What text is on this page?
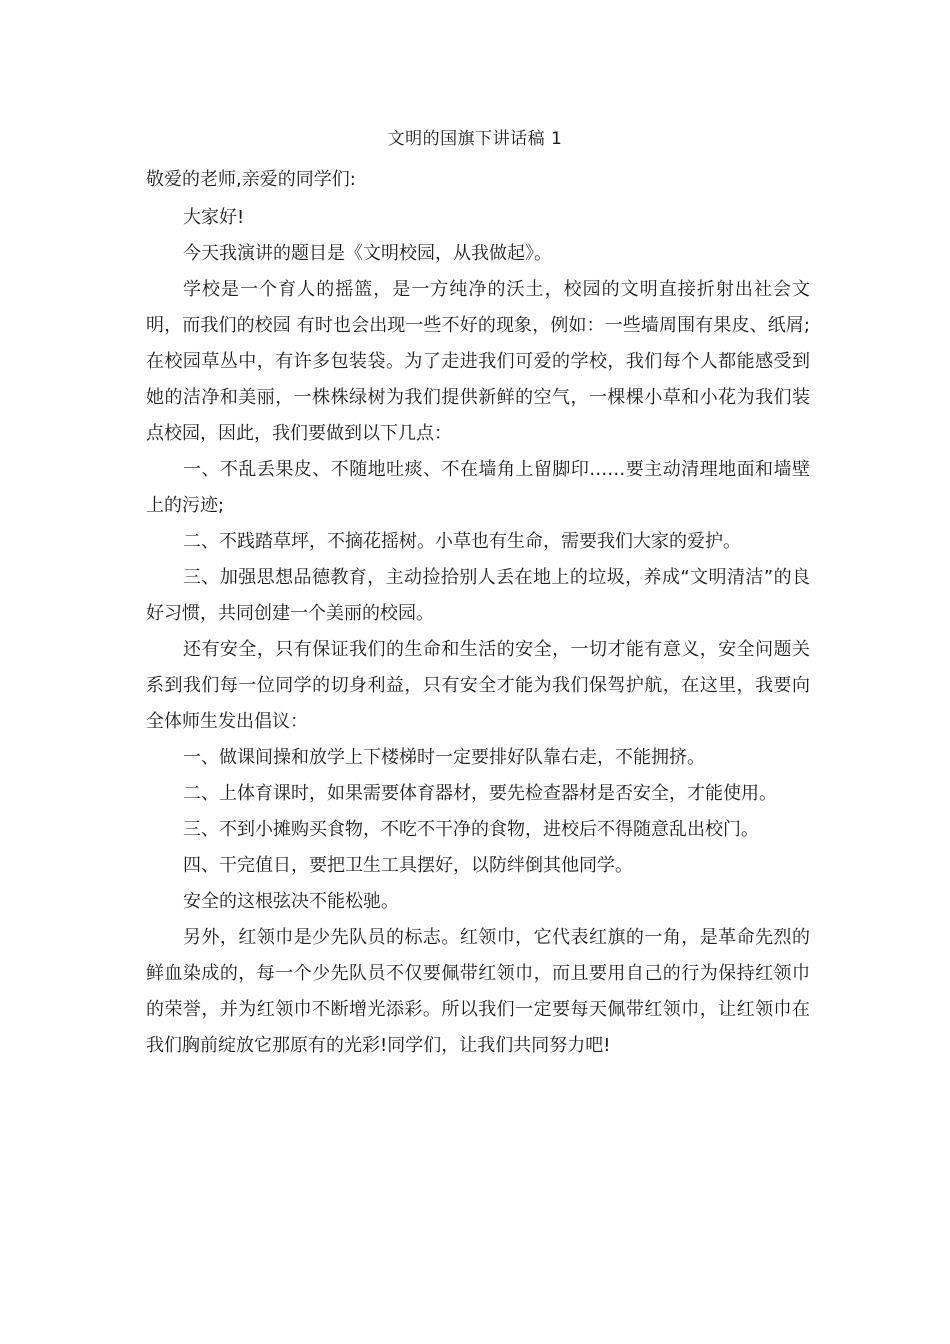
文明的国旗下讲话稿 1

敬爱的老师,亲爱的同学们:

大家好!

今天我演讲的题目是《文明校园，从我做起》。

学校是一个育人的摇篮，是一方纯净的沃土，校园的文明直接折射出社会文明，而我们的校园 有时也会出现一些不好的现象，例如：一些墙周围有果皮、纸屑;在校园草丛中，有许多包装袋。为了走进我们可爱的学校，我们每个人都能感受到她的洁净和美丽，一株株绿树为我们提供新鲜的空气，一棵棵小草和小花为我们装点校园，因此，我们要做到以下几点：

一、不乱丢果皮、不随地吐痰、不在墙角上留脚印……要主动清理地面和墙壁上的污迹;

二、不践踏草坪，不摘花摇树。小草也有生命，需要我们大家的爱护。

三、加强思想品德教育，主动捡拾别人丢在地上的垃圾，养成“文明清洁”的良好习惯，共同创建一个美丽的校园。

还有安全，只有保证我们的生命和生活的安全，一切才能有意义，安全问题关系到我们每一位同学的切身利益，只有安全才能为我们保驾护航，在这里，我要向全体师生发出倡议：

一、做课间操和放学上下楼梯时一定要排好队靠右走，不能拥挤。

二、上体育课时，如果需要体育器材，要先检查器材是否安全，才能使用。

三、不到小摊购买食物，不吃不干净的食物，进校后不得随意乱出校门。

四、干完值日，要把卫生工具摆好，以防绊倒其他同学。

安全的这根弦决不能松驰。

另外，红领巾是少先队员的标志。红领巾，它代表红旗的一角，是革命先烈的鲜血染成的，每一个少先队员不仅要佩带红领巾，而且要用自己的行为保持红领巾的荣誉，并为红领巾不断增光添彩。所以我们一定要每天佩带红领巾，让红领巾在我们胸前绽放它那原有的光彩!同学们，让我们共同努力吧!
